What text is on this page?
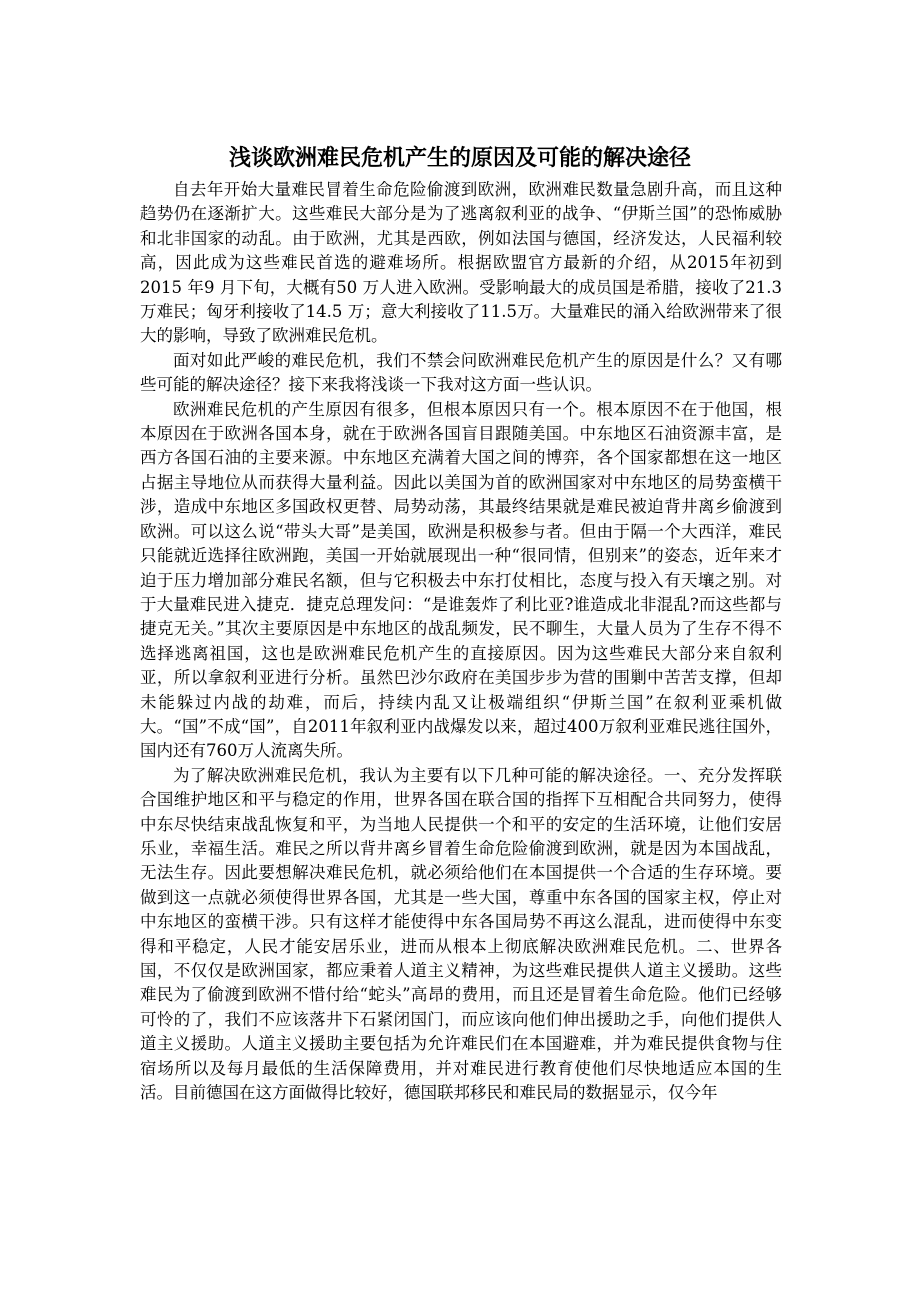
浅谈欧洲难民危机产生的原因及可能的解决途径

自去年开始大量难民冒着生命危险偷渡到欧洲，欧洲难民数量急剧升高，而且这种趋势仍在逐渐扩大。这些难民大部分是为了逃离叙利亚的战争、“伊斯兰国”的恐怖威胁和北非国家的动乱。由于欧洲，尤其是西欧，例如法国与德国，经济发达，人民福利较高，因此成为这些难民首选的避难场所。根据欧盟官方最新的介绍，从2015年初到2015 年9 月下旬，大概有50 万人进入欧洲。受影响最大的成员国是希腊，接收了21.3 万难民；匈牙利接收了14.5 万；意大利接收了11.5万。大量难民的涌入给欧洲带来了很大的影响，导致了欧洲难民危机。

面对如此严峻的难民危机，我们不禁会问欧洲难民危机产生的原因是什么？又有哪些可能的解决途径？接下来我将浅谈一下我对这方面一些认识。

欧洲难民危机的产生原因有很多，但根本原因只有一个。根本原因不在于他国，根本原因在于欧洲各国本身，就在于欧洲各国盲目跟随美国。中东地区石油资源丰富，是西方各国石油的主要来源。中东地区充满着大国之间的博弈，各个国家都想在这一地区占据主导地位从而获得大量利益。因此以美国为首的欧洲国家对中东地区的局势蛮横干涉，造成中东地区多国政权更替、局势动荡，其最终结果就是难民被迫背井离乡偷渡到欧洲。可以这么说“带头大哥”是美国，欧洲是积极参与者。但由于隔一个大西洋，难民只能就近选择往欧洲跑，美国一开始就展现出一种“很同情，但别来”的姿态，近年来才迫于压力增加部分难民名额，但与它积极去中东打仗相比，态度与投入有天壤之别。对于大量难民进入捷克．捷克总理发问：“是谁轰炸了利比亚?谁造成北非混乱?而这些都与捷克无关。”其次主要原因是中东地区的战乱频发，民不聊生，大量人员为了生存不得不选择逃离祖国，这也是欧洲难民危机产生的直接原因。因为这些难民大部分来自叙利亚，所以拿叙利亚进行分析。虽然巴沙尔政府在美国步步为营的围剿中苦苦支撑，但却未能躲过内战的劫难，而后，持续内乱又让极端组织“伊斯兰国”在叙利亚乘机做大。“国”不成“国”，自2011年叙利亚内战爆发以来，超过400万叙利亚难民逃往国外，国内还有760万人流离失所。

为了解决欧洲难民危机，我认为主要有以下几种可能的解决途径。一、充分发挥联合国维护地区和平与稳定的作用，世界各国在联合国的指挥下互相配合共同努力，使得中东尽快结束战乱恢复和平，为当地人民提供一个和平的安定的生活环境，让他们安居乐业，幸福生活。难民之所以背井离乡冒着生命危险偷渡到欧洲，就是因为本国战乱，无法生存。因此要想解决难民危机，就必须给他们在本国提供一个合适的生存环境。要做到这一点就必须使得世界各国，尤其是一些大国，尊重中东各国的国家主权，停止对中东地区的蛮横干涉。只有这样才能使得中东各国局势不再这么混乱，进而使得中东变得和平稳定，人民才能安居乐业，进而从根本上彻底解决欧洲难民危机。二、世界各国，不仅仅是欧洲国家，都应秉着人道主义精神，为这些难民提供人道主义援助。这些难民为了偷渡到欧洲不惜付给“蛇头”高昂的费用，而且还是冒着生命危险。他们已经够可怜的了，我们不应该落井下石紧闭国门，而应该向他们伸出援助之手，向他们提供人道主义援助。人道主义援助主要包括为允许难民们在本国避难，并为难民提供食物与住宿场所以及每月最低的生活保障费用，并对难民进行教育使他们尽快地适应本国的生活。目前德国在这方面做得比较好，德国联邦移民和难民局的数据显示，仅今年
